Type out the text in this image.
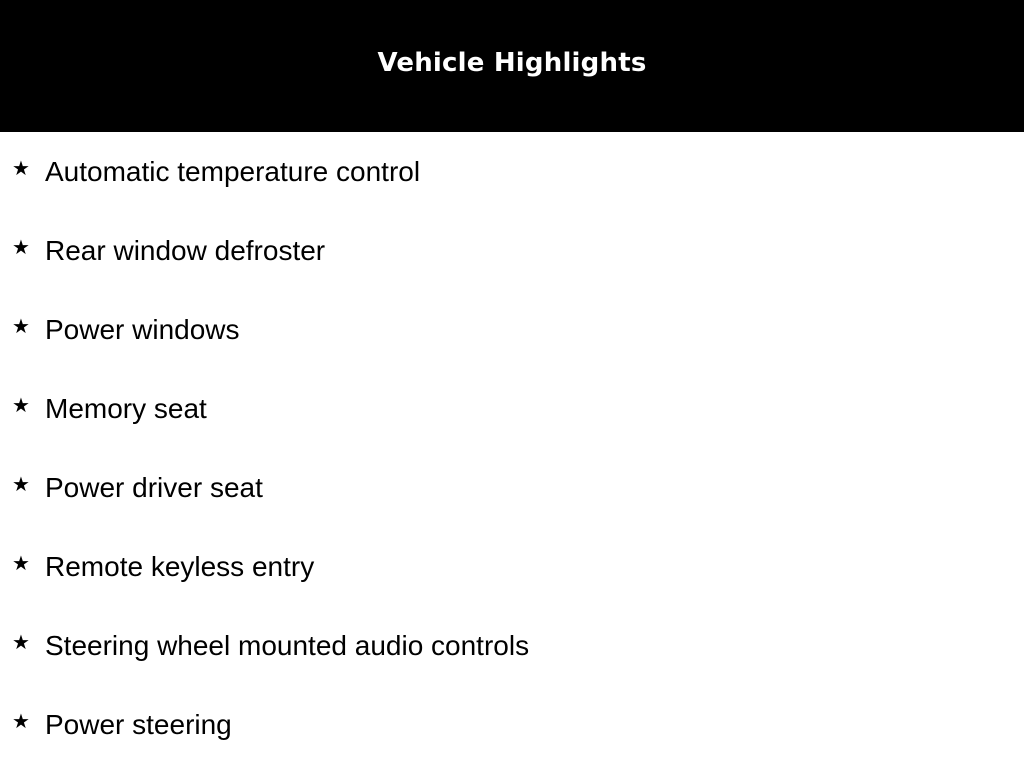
Vehicle Highlights
★ Automatic temperature control
★ Rear window defroster
★ Power windows
★ Memory seat
★ Power driver seat
★ Remote keyless entry
★ Steering wheel mounted audio controls
★ Power steering
